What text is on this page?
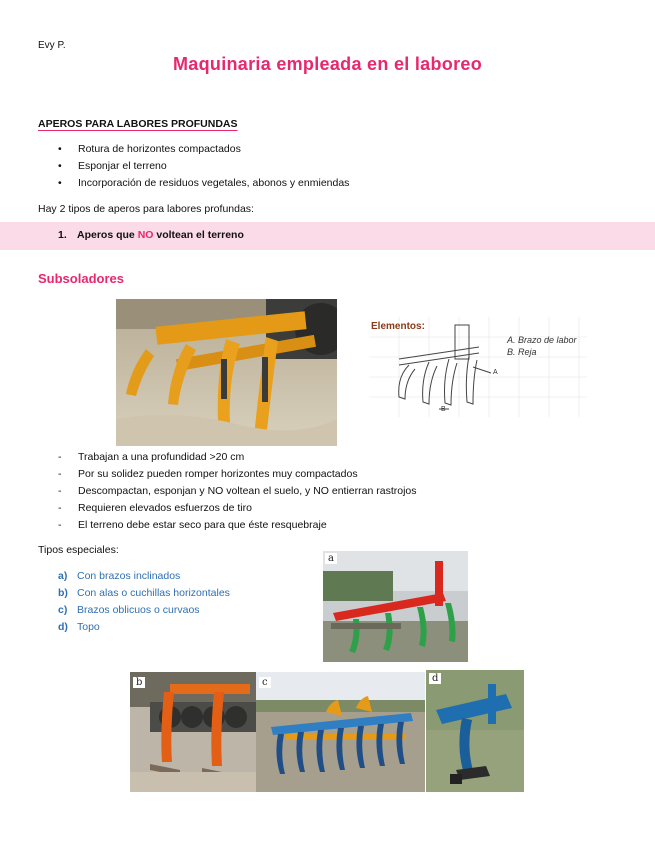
Evy P.
Maquinaria empleada en el laboreo
APEROS PARA LABORES PROFUNDAS
• Rotura de horizontes compactados
• Esponjar el terreno
• Incorporación de residuos vegetales, abonos y enmiendas
Hay 2 tipos de aperos para labores profundas:
1. Aperos que NO voltean el terreno
Subsoladores
Elementos:
A
B
A. Brazo de labor
B. Reja
- Trabajan a una profundidad >20 cm
- Por su solidez pueden romper horizontes muy compactados
- Descompactan, esponjan y NO voltean el suelo, y NO entierran rastrojos
- Requieren elevados esfuerzos de tiro
- El terreno debe estar seco para que éste resquebraje
Tipos especiales:
a) Con brazos inclinados
b) Con alas o cuchillas horizontales
c) Brazos oblicuos o curvaos
d) Topo
a
b	c	d
